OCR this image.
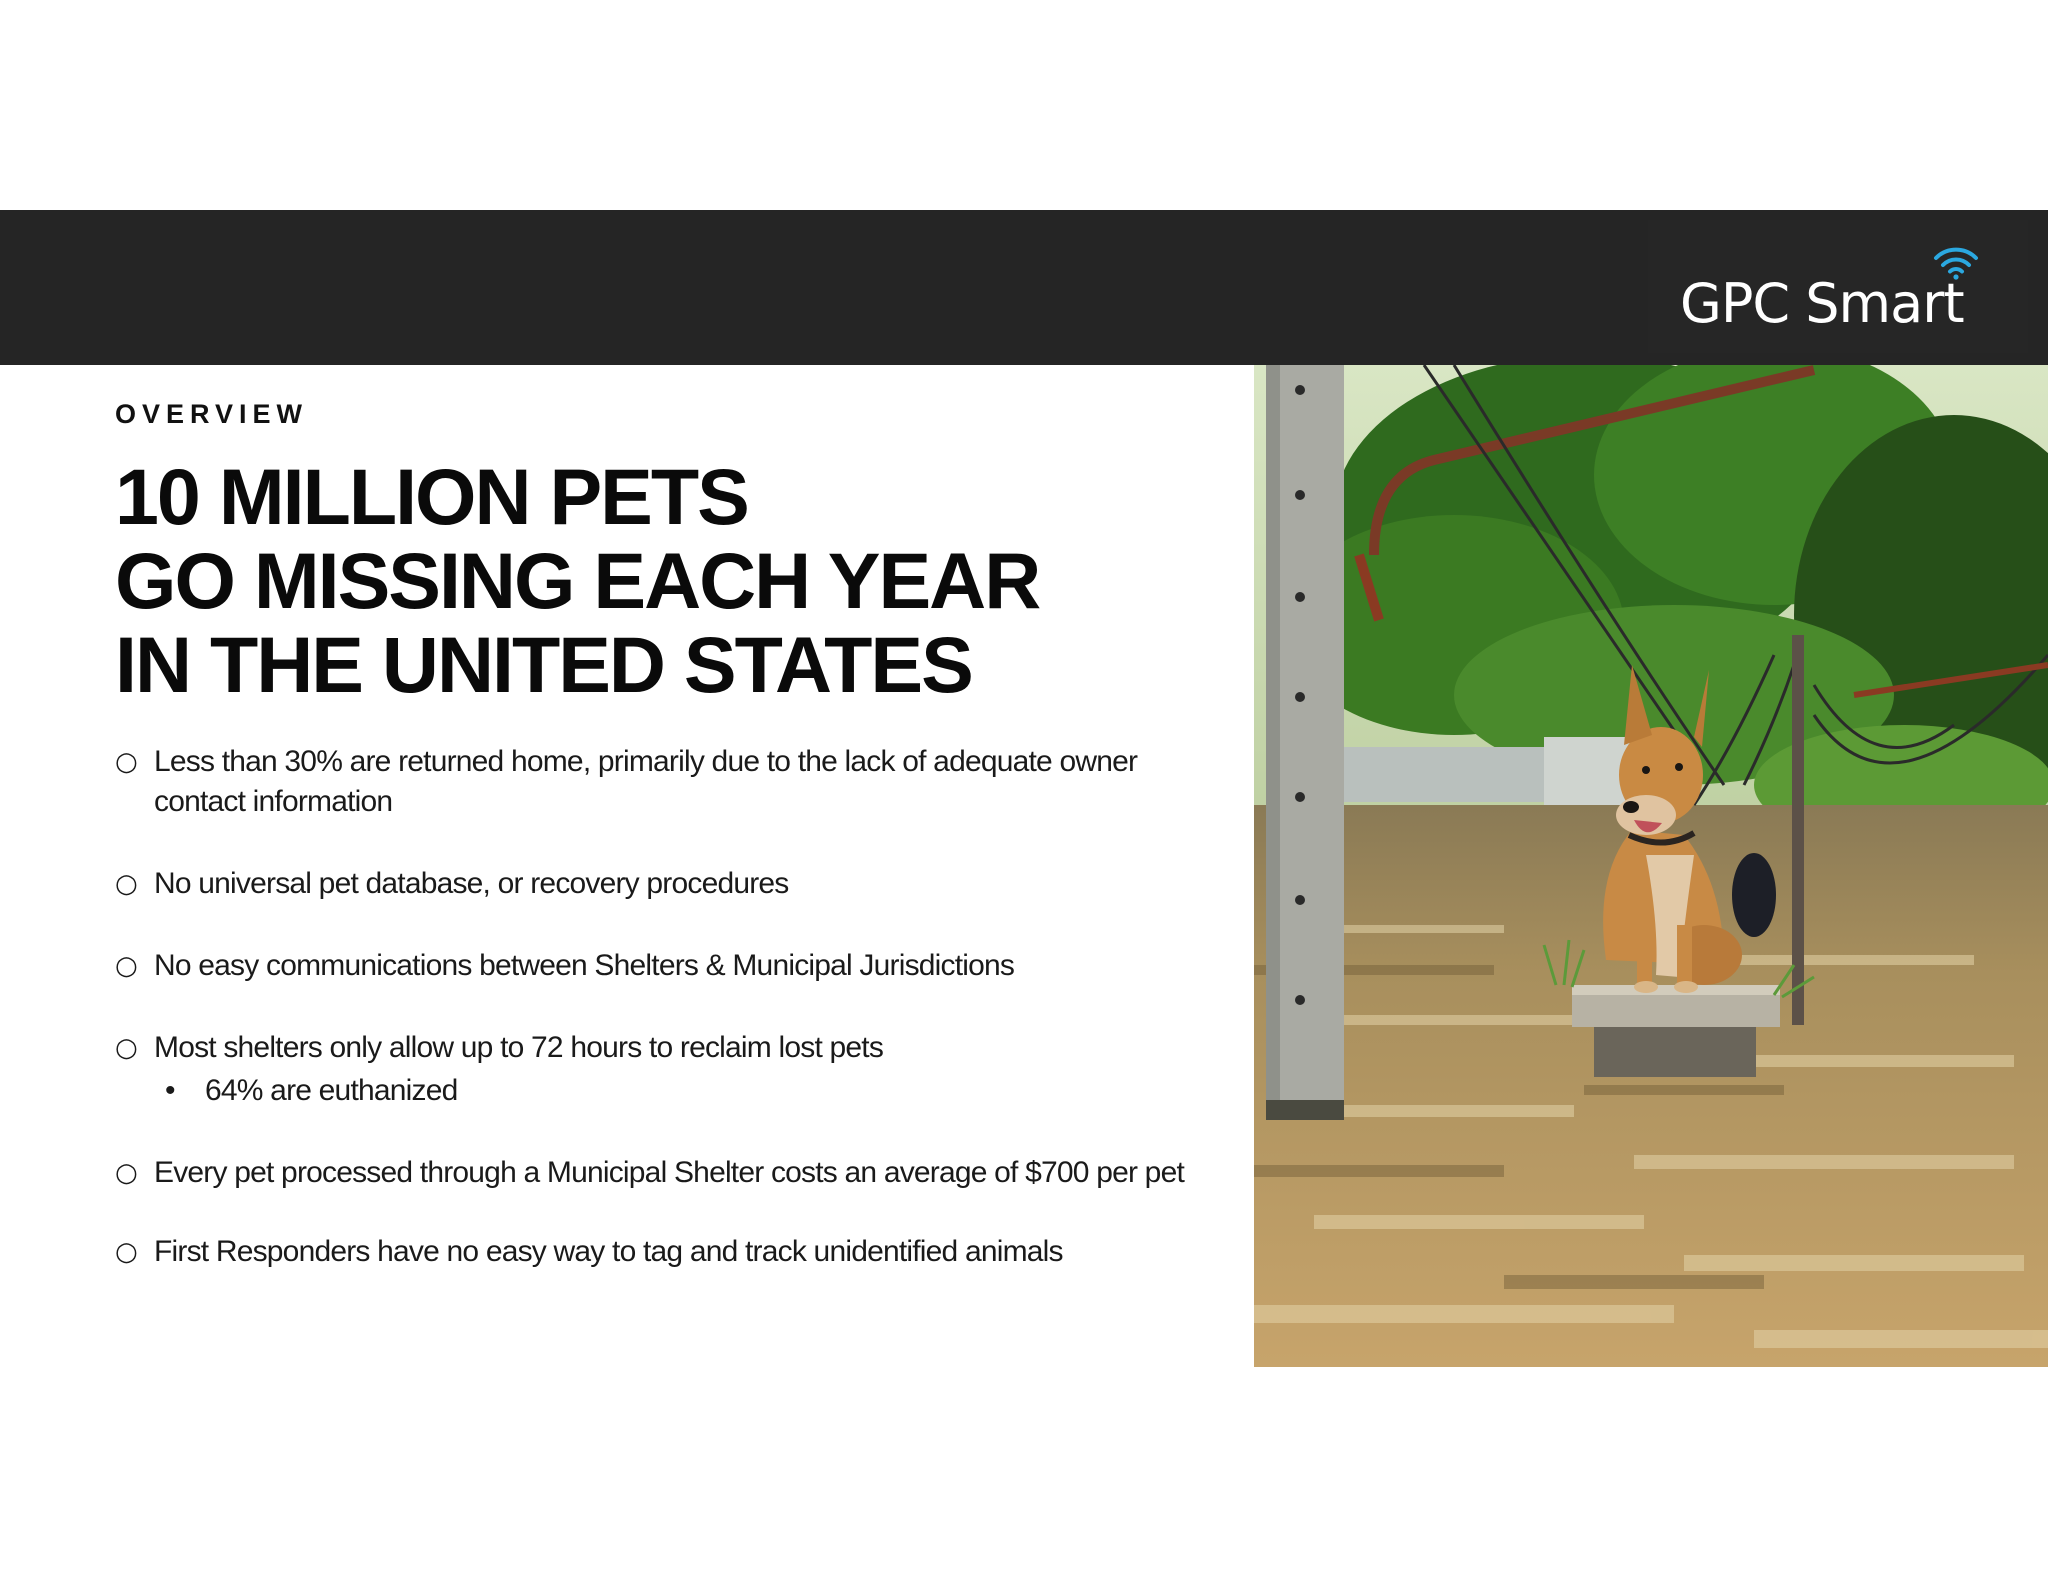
GPC Smart
OVERVIEW
10 MILLION PETS
GO MISSING EACH YEAR
IN THE UNITED STATES
○ Less than 30% are returned home, primarily due to the lack of adequate owner contact information
○ No universal pet database, or recovery procedures
○ No easy communications between Shelters & Municipal Jurisdictions
○ Most shelters only allow up to 72 hours to reclaim lost pets
• 64% are euthanized
○ Every pet processed through a Municipal Shelter costs an average of $700 per pet
○ First Responders have no easy way to tag and track unidentified animals
